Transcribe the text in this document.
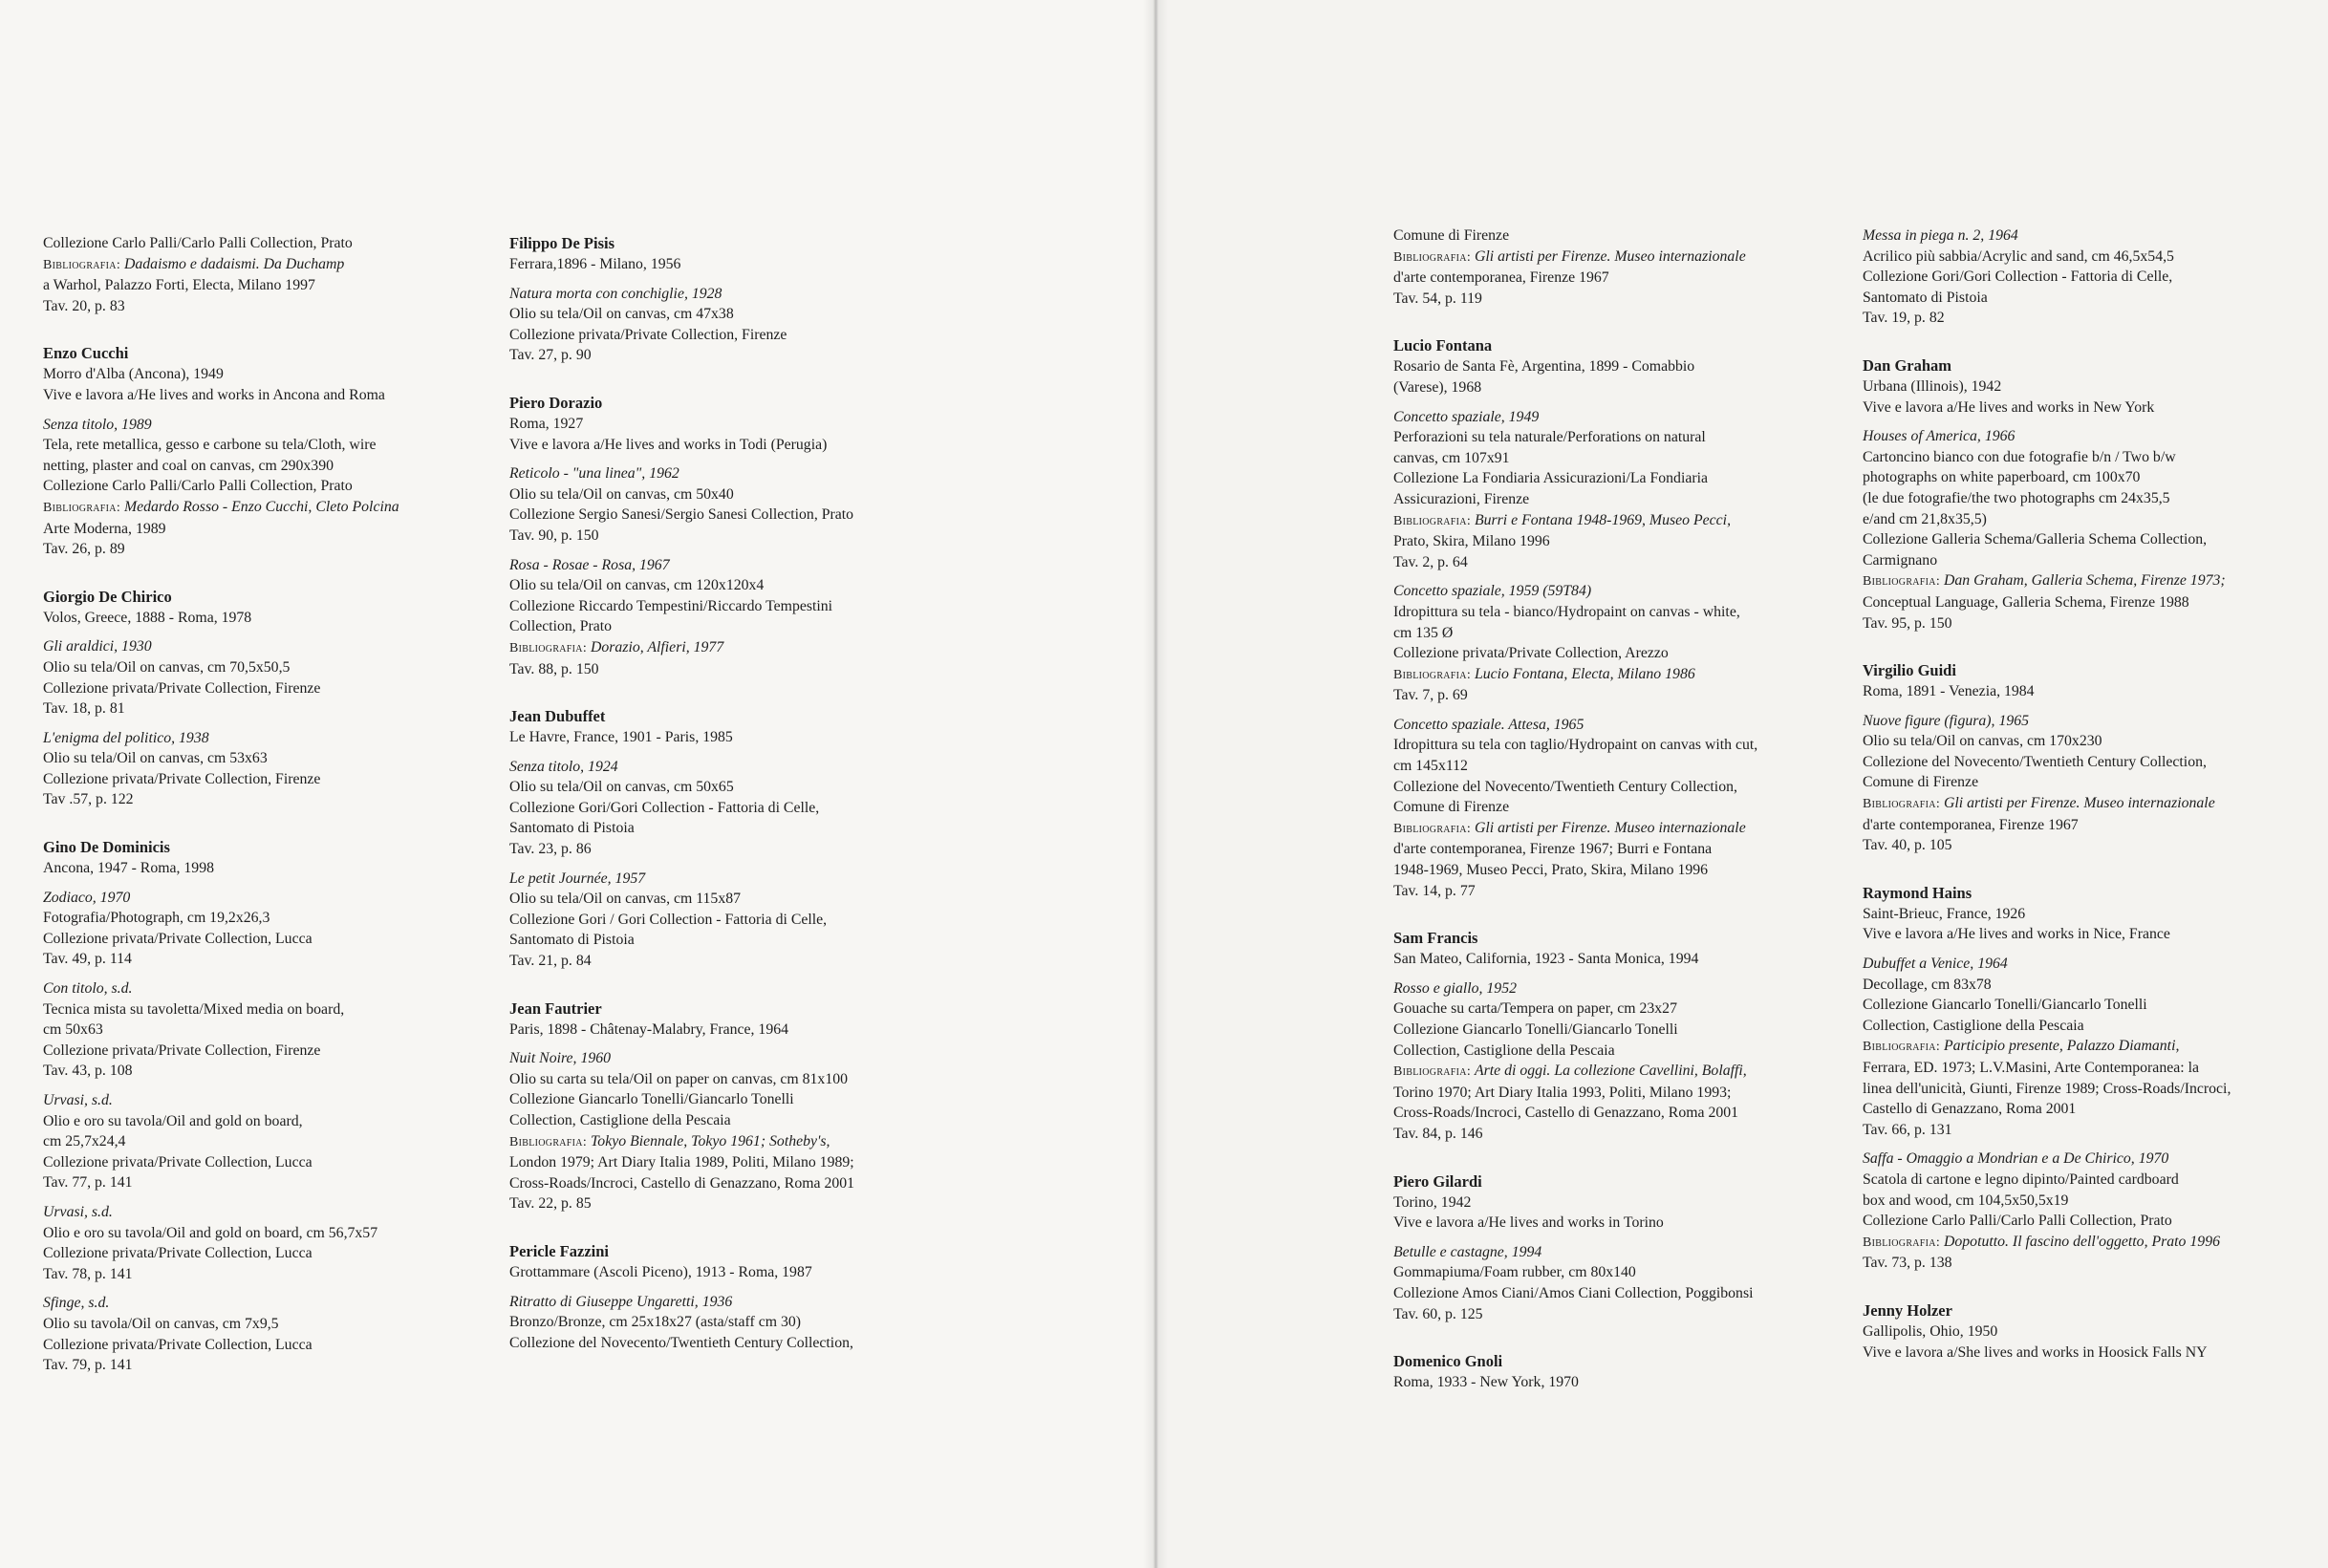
Collezione Carlo Palli/Carlo Palli Collection, Prato
Bibliografia: Dadaismo e dadaismi. Da Duchamp
a Warhol, Palazzo Forti, Electa, Milano 1997
Tav. 20, p. 83
Enzo Cucchi
Morro d'Alba (Ancona), 1949
Vive e lavora a/He lives and works in Ancona and Roma
Senza titolo, 1989
Tela, rete metallica, gesso e carbone su tela/Cloth, wire
netting, plaster and coal on canvas, cm 290x390
Collezione Carlo Palli/Carlo Palli Collection, Prato
Bibliografia: Medardo Rosso - Enzo Cucchi, Cleto Polcina
Arte Moderna, 1989
Tav. 26, p. 89
Giorgio De Chirico
Volos, Greece, 1888 - Roma, 1978
Gli araldici, 1930
Olio su tela/Oil on canvas, cm 70,5x50,5
Collezione privata/Private Collection, Firenze
Tav. 18, p. 81
L'enigma del politico, 1938
Olio su tela/Oil on canvas, cm 53x63
Collezione privata/Private Collection, Firenze
Tav .57, p. 122
Gino De Dominicis
Ancona, 1947 - Roma, 1998
Zodiaco, 1970
Fotografia/Photograph, cm 19,2x26,3
Collezione privata/Private Collection, Lucca
Tav. 49, p. 114
Con titolo, s.d.
Tecnica mista su tavoletta/Mixed media on board,
cm 50x63
Collezione privata/Private Collection, Firenze
Tav. 43, p. 108
Urvasi, s.d.
Olio e oro su tavola/Oil and gold on board,
cm 25,7x24,4
Collezione privata/Private Collection, Lucca
Tav. 77, p. 141
Urvasi, s.d.
Olio e oro su tavola/Oil and gold on board, cm 56,7x57
Collezione privata/Private Collection, Lucca
Tav. 78, p. 141
Sfinge, s.d.
Olio su tavola/Oil on canvas, cm 7x9,5
Collezione privata/Private Collection, Lucca
Tav. 79, p. 141
Filippo De Pisis
Ferrara,1896 - Milano, 1956
Natura morta con conchiglie, 1928
Olio su tela/Oil on canvas, cm 47x38
Collezione privata/Private Collection, Firenze
Tav. 27, p. 90
Piero Dorazio
Roma, 1927
Vive e lavora a/He lives and works in Todi (Perugia)
Reticolo - "una linea", 1962
Olio su tela/Oil on canvas, cm 50x40
Collezione Sergio Sanesi/Sergio Sanesi Collection, Prato
Tav. 90, p. 150
Rosa - Rosae - Rosa, 1967
Olio su tela/Oil on canvas, cm 120x120x4
Collezione Riccardo Tempestini/Riccardo Tempestini
Collection, Prato
Bibliografia: Dorazio, Alfieri, 1977
Tav. 88, p. 150
Jean Dubuffet
Le Havre, France, 1901 - Paris, 1985
Senza titolo, 1924
Olio su tela/Oil on canvas, cm 50x65
Collezione Gori/Gori Collection - Fattoria di Celle,
Santomato di Pistoia
Tav. 23, p. 86
Le petit Journée, 1957
Olio su tela/Oil on canvas, cm 115x87
Collezione Gori / Gori Collection - Fattoria di Celle,
Santomato di Pistoia
Tav. 21, p. 84
Jean Fautrier
Paris, 1898 - Châtenay-Malabry, France, 1964
Nuit Noire, 1960
Olio su carta su tela/Oil on paper on canvas, cm 81x100
Collezione Giancarlo Tonelli/Giancarlo Tonelli
Collection, Castiglione della Pescaia
Bibliografia: Tokyo Biennale, Tokyo 1961; Sotheby's,
London 1979; Art Diary Italia 1989, Politi, Milano 1989;
Cross-Roads/Incroci, Castello di Genazzano, Roma 2001
Tav. 22, p. 85
Pericle Fazzini
Grottammare (Ascoli Piceno), 1913 - Roma, 1987
Ritratto di Giuseppe Ungaretti, 1936
Bronzo/Bronze, cm 25x18x27 (asta/staff cm 30)
Collezione del Novecento/Twentieth Century Collection,
Comune di Firenze
Bibliografia: Gli artisti per Firenze. Museo internazionale
d'arte contemporanea, Firenze 1967
Tav. 54, p. 119
Lucio Fontana
Rosario de Santa Fè, Argentina, 1899 - Comabbio
(Varese), 1968
Concetto spaziale, 1949
Perforazioni su tela naturale/Perforations on natural
canvas, cm 107x91
Collezione La Fondiaria Assicurazioni/La Fondiaria
Assicurazioni, Firenze
Bibliografia: Burri e Fontana 1948-1969, Museo Pecci,
Prato, Skira, Milano 1996
Tav. 2, p. 64
Concetto spaziale, 1959 (59T84)
Idropittura su tela - bianco/Hydropaint on canvas - white,
cm 135 Ø
Collezione privata/Private Collection, Arezzo
Bibliografia: Lucio Fontana, Electa, Milano 1986
Tav. 7, p. 69
Concetto spaziale. Attesa, 1965
Idropittura su tela con taglio/Hydropaint on canvas with cut,
cm 145x112
Collezione del Novecento/Twentieth Century Collection,
Comune di Firenze
Bibliografia: Gli artisti per Firenze. Museo internazionale
d'arte contemporanea, Firenze 1967; Burri e Fontana
1948-1969, Museo Pecci, Prato, Skira, Milano 1996
Tav. 14, p. 77
Sam Francis
San Mateo, California, 1923 - Santa Monica, 1994
Rosso e giallo, 1952
Gouache su carta/Tempera on paper, cm 23x27
Collezione Giancarlo Tonelli/Giancarlo Tonelli
Collection, Castiglione della Pescaia
Bibliografia: Arte di oggi. La collezione Cavellini, Bolaffi,
Torino 1970; Art Diary Italia 1993, Politi, Milano 1993;
Cross-Roads/Incroci, Castello di Genazzano, Roma 2001
Tav. 84, p. 146
Piero Gilardi
Torino, 1942
Vive e lavora a/He lives and works in Torino
Betulle e castagne, 1994
Gommapiuma/Foam rubber, cm 80x140
Collezione Amos Ciani/Amos Ciani Collection, Poggibonsi
Tav. 60, p. 125
Domenico Gnoli
Roma, 1933 - New York, 1970
Messa in piega n. 2, 1964
Acrilico più sabbia/Acrylic and sand, cm 46,5x54,5
Collezione Gori/Gori Collection - Fattoria di Celle,
Santomato di Pistoia
Tav. 19, p. 82
Dan Graham
Urbana (Illinois), 1942
Vive e lavora a/He lives and works in New York
Houses of America, 1966
Cartoncino bianco con due fotografie b/n / Two b/w
photographs on white paperboard, cm 100x70
(le due fotografie/the two photographs cm 24x35,5
e/and cm 21,8x35,5)
Collezione Galleria Schema/Galleria Schema Collection,
Carmignano
Bibliografia: Dan Graham, Galleria Schema, Firenze 1973;
Conceptual Language, Galleria Schema, Firenze 1988
Tav. 95, p. 150
Virgilio Guidi
Roma, 1891 - Venezia, 1984
Nuove figure (figura), 1965
Olio su tela/Oil on canvas, cm 170x230
Collezione del Novecento/Twentieth Century Collection,
Comune di Firenze
Bibliografia: Gli artisti per Firenze. Museo internazionale
d'arte contemporanea, Firenze 1967
Tav. 40, p. 105
Raymond Hains
Saint-Brieuc, France, 1926
Vive e lavora a/He lives and works in Nice, France
Dubuffet a Venice, 1964
Decollage, cm 83x78
Collezione Giancarlo Tonelli/Giancarlo Tonelli
Collection, Castiglione della Pescaia
Bibliografia: Participio presente, Palazzo Diamanti,
Ferrara, ED. 1973; L.V.Masini, Arte Contemporanea: la
linea dell'unicità, Giunti, Firenze 1989; Cross-Roads/Incroci,
Castello di Genazzano, Roma 2001
Tav. 66, p. 131
Saffa - Omaggio a Mondrian e a De Chirico, 1970
Scatola di cartone e legno dipinto/Painted cardboard
box and wood, cm 104,5x50,5x19
Collezione Carlo Palli/Carlo Palli Collection, Prato
Bibliografia: Dopotutto. Il fascino dell'oggetto, Prato 1996
Tav. 73, p. 138
Jenny Holzer
Gallipolis, Ohio, 1950
Vive e lavora a/She lives and works in Hoosick Falls NY
